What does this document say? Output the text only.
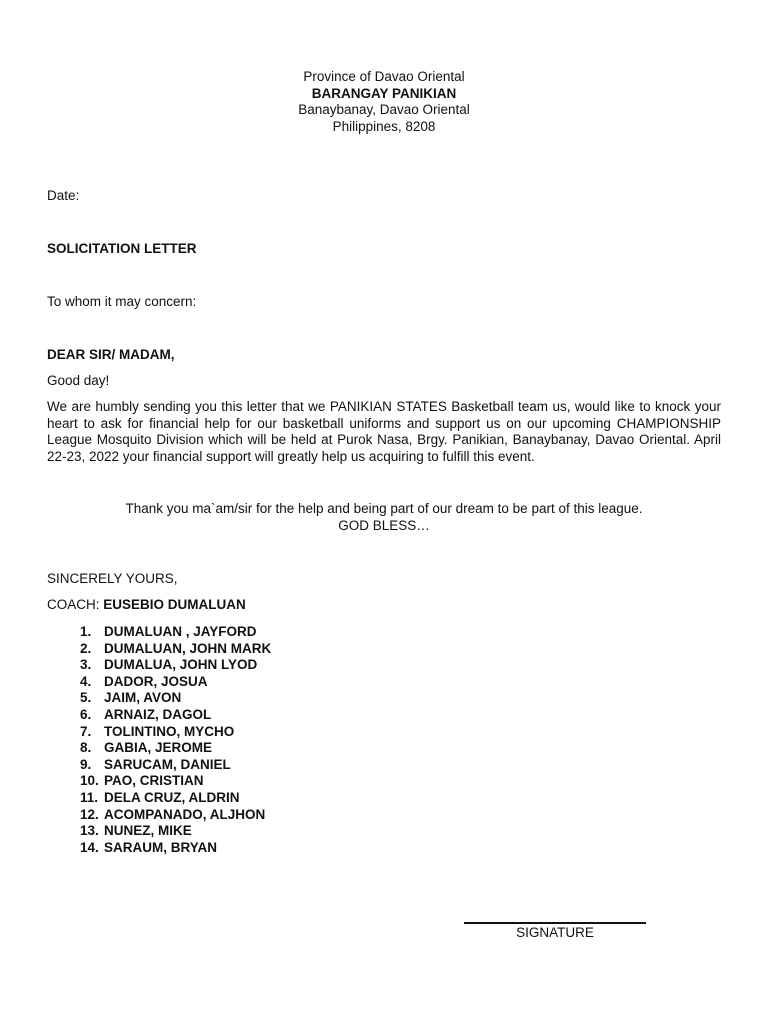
Province of Davao Oriental
BARANGAY PANIKIAN
Banaybanay, Davao Oriental
Philippines, 8208
Date:
SOLICITATION LETTER
To whom it may concern:
DEAR SIR/ MADAM,
Good day!
We are humbly sending you this letter that we PANIKIAN STATES Basketball team us, would like to knock your heart to ask for financial help for our basketball uniforms and support us on our upcoming CHAMPIONSHIP League Mosquito Division which will be held at Purok Nasa, Brgy. Panikian, Banaybanay, Davao Oriental. April 22-23, 2022 your financial support will greatly help us acquiring to fulfill this event.
Thank you ma`am/sir for the help and being part of our dream to be part of this league.
GOD BLESS…
SINCERELY YOURS,
COACH: EUSEBIO DUMALUAN
1. DUMALUAN , JAYFORD
2. DUMALUAN, JOHN MARK
3. DUMALUA, JOHN LYOD
4. DADOR, JOSUA
5. JAIM, AVON
6. ARNAIZ, DAGOL
7. TOLINTINO, MYCHO
8. GABIA, JEROME
9. SARUCAM, DANIEL
10. PAO, CRISTIAN
11. DELA CRUZ, ALDRIN
12. ACOMPANADO, ALJHON
13. NUNEZ, MIKE
14. SARAUM, BRYAN
SIGNATURE
